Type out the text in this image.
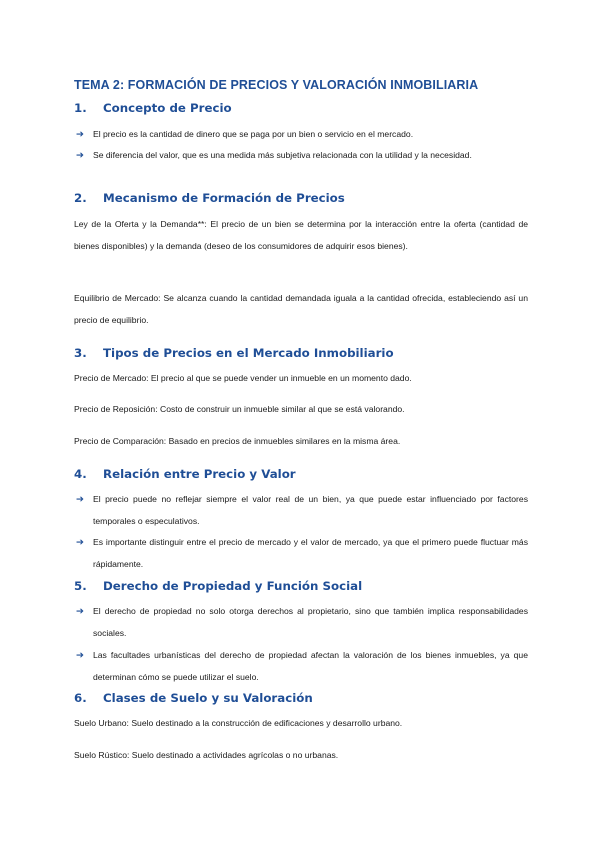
TEMA 2: FORMACIÓN DE PRECIOS Y VALORACIÓN INMOBILIARIA
1. Concepto de Precio
➔	El precio es la cantidad de dinero que se paga por un bien o servicio en el mercado.
➔	Se diferencia del valor, que es una medida más subjetiva relacionada con la utilidad y la necesidad.
2. Mecanismo de Formación de Precios
Ley de la Oferta y la Demanda**: El precio de un bien se determina por la interacción entre la oferta (cantidad de bienes disponibles) y la demanda (deseo de los consumidores de adquirir esos bienes).
Equilibrio de Mercado: Se alcanza cuando la cantidad demandada iguala a la cantidad ofrecida, estableciendo así un precio de equilibrio.
3. Tipos de Precios en el Mercado Inmobiliario
Precio de Mercado: El precio al que se puede vender un inmueble en un momento dado.
Precio de Reposición: Costo de construir un inmueble similar al que se está valorando.
Precio de Comparación: Basado en precios de inmuebles similares en la misma área.
4. Relación entre Precio y Valor
➔	El precio puede no reflejar siempre el valor real de un bien, ya que puede estar influenciado por factores temporales o especulativos.
➔	Es importante distinguir entre el precio de mercado y el valor de mercado, ya que el primero puede fluctuar más rápidamente.
5. Derecho de Propiedad y Función Social
➔	El derecho de propiedad no solo otorga derechos al propietario, sino que también implica responsabilidades sociales.
➔	Las facultades urbanísticas del derecho de propiedad afectan la valoración de los bienes inmuebles, ya que determinan cómo se puede utilizar el suelo.
6. Clases de Suelo y su Valoración
Suelo Urbano: Suelo destinado a la construcción de edificaciones y desarrollo urbano.
Suelo Rústico: Suelo destinado a actividades agrícolas o no urbanas.
